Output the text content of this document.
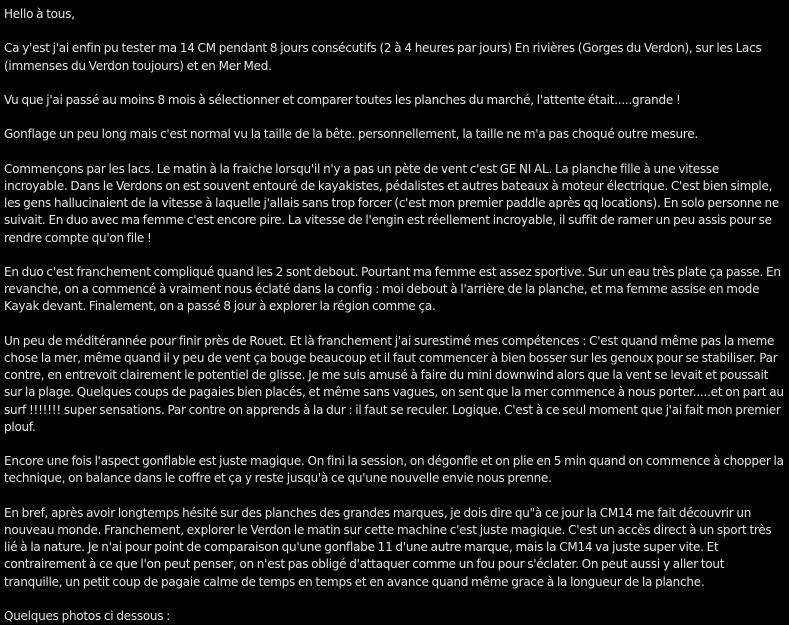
Hello à tous,

Ca y'est j'ai enfin pu tester ma 14 CM pendant 8 jours consécutifs (2 à 4 heures par jours) En rivières (Gorges du Verdon), sur les Lacs (immenses du Verdon toujours) et en Mer Med.

Vu que j'ai passé au moins 8 mois à sélectionner et comparer toutes les planches du marché, l'attente était.....grande !

Gonflage un peu long mais c'est normal vu la taille de la bête. personnellement, la taille ne m'a pas choqué outre mesure.

Commençons par les lacs. Le matin à la fraiche lorsqu'il n'y a pas un pète de vent c'est GE NI AL. La planche fille à une vitesse incroyable. Dans le Verdons on est souvent entouré de kayakistes, pédalistes et autres bateaux à moteur électrique. C'est bien simple, les gens hallucinaient de la vitesse à laquelle j'allais sans trop forcer (c'est mon premier paddle après qq locations). En solo personne ne suivait. En duo avec ma femme c'est encore pire. La vitesse de l'engin est réellement incroyable, il suffit de ramer un peu assis pour se rendre compte qu'on file !

En duo c'est franchement compliqué quand les 2 sont debout. Pourtant ma femme est assez sportive. Sur un eau très plate ça passe. En revanche, on a commencé à vraiment nous éclaté dans la config : moi debout à l'arrière de la planche, et ma femme assise en mode Kayak devant. Finalement, on a passé 8 jour à explorer la région comme ça.

Un peu de méditérannée pour finir près de Rouet. Et là franchement j'ai surestimé mes compétences : C'est quand même pas la meme chose la mer, même quand il y peu de vent ça bouge beaucoup et il faut commencer à bien bosser sur les genoux pour se stabiliser. Par contre, en entrevoit clairement le potentiel de glisse. Je me suis amusé à faire du mini downwind alors que la vent se levait et poussait sur la plage. Quelques coups de pagaies bien placés, et même sans vagues, on sent que la mer commence à nous porter.....et on part au surf !!!!!!! super sensations. Par contre on apprends à la dur : il faut se reculer. Logique. C'est à ce seul moment que j'ai fait mon premier plouf.

Encore une fois l'aspect gonflable est juste magique. On fini la session, on dégonfle et on plie en 5 min quand on commence à chopper la technique, on balance dans le coffre et ça y reste jusqu'à ce qu'une nouvelle envie nous prenne.

En bref, après avoir longtemps hésité sur des planches des grandes marques, je dois dire qu"à ce jour la CM14 me fait découvrir un nouveau monde. Franchement, explorer le Verdon le matin sur cette machine c'est juste magique. C'est un accès direct à un sport très lié à la nature. Je n'ai pour point de comparaison qu'une gonflabe 11 d'une autre marque, mais la CM14 va juste super vite. Et contrairement à ce que l'on peut penser, on n'est pas obligé d'attaquer comme un fou pour s'éclater. On peut aussi y aller tout tranquille, un petit coup de pagaie calme de temps en temps et en avance quand même grace à la longueur de la planche.

Quelques photos ci dessous :
